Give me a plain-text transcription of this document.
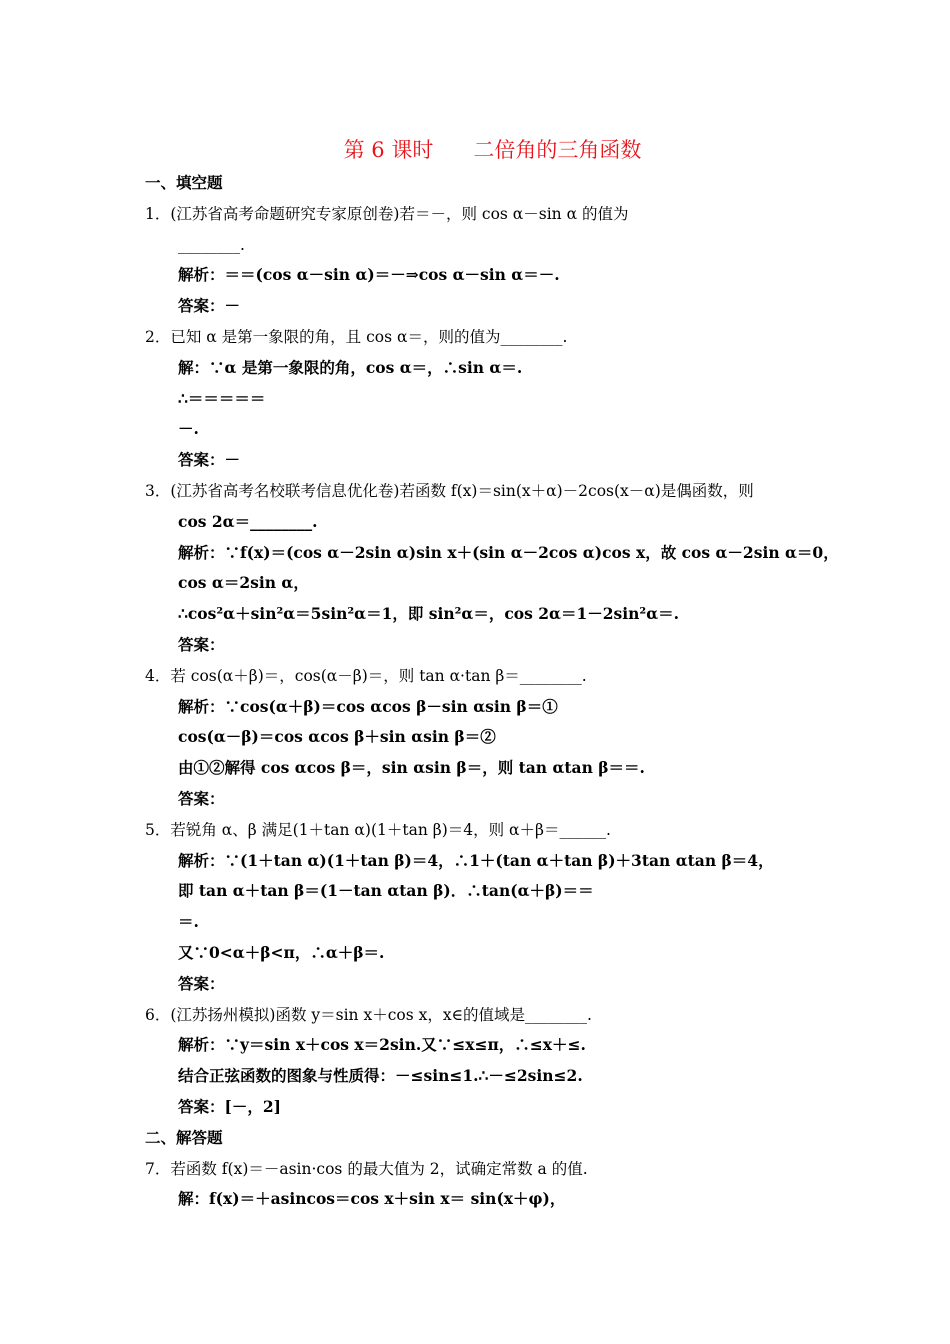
第 6 课时      二倍角的三角函数
一、填空题
1．(江苏省高考命题研究专家原创卷)若＝－，则 cos α－sin α 的值为
________.
解析：＝＝(cos α－sin α)＝－⇒cos α－sin α＝－.
答案：－
2．已知 α 是第一象限的角，且 cos α＝，则的值为________.
解：∵α 是第一象限的角，cos α＝，∴sin α＝.
∴＝＝＝＝＝
－.
答案：－
3．(江苏省高考名校联考信息优化卷)若函数 f(x)＝sin(x＋α)－2cos(x－α)是偶函数，则
cos 2α＝________.
解析：∵f(x)＝(cos α－2sin α)sin x＋(sin α－2cos α)cos x，故 cos α－2sin α＝0，
cos α＝2sin α，
∴cos²α＋sin²α＝5sin²α＝1，即 sin²α＝，cos 2α＝1－2sin²α＝.
答案：
4．若 cos(α＋β)＝，cos(α－β)＝，则 tan α·tan β＝________.
解析：∵cos(α＋β)＝cos αcos β－sin αsin β＝①
cos(α－β)＝cos αcos β＋sin αsin β＝②
由①②解得 cos αcos β＝，sin αsin β＝，则 tan αtan β＝＝.
答案：
5．若锐角 α、β 满足(1＋tan α)(1＋tan β)＝4，则 α＋β＝______.
解析：∵(1＋tan α)(1＋tan β)＝4，∴1＋(tan α＋tan β)＋3tan αtan β＝4，
即 tan α＋tan β＝(1－tan αtan β)．∴tan(α＋β)＝＝
＝.
又∵0<α＋β<π，∴α＋β＝.
答案：
6．(江苏扬州模拟)函数 y＝sin x＋cos x，x∈的值域是________.
解析：∵y＝sin x＋cos x＝2sin.又∵≤x≤π，∴≤x＋≤.
结合正弦函数的图象与性质得：－≤sin≤1.∴－≤2sin≤2.
答案：[－，2]
二、解答题
7．若函数 f(x)＝－asin·cos 的最大值为 2，试确定常数 a 的值.
解：f(x)＝＋asincos＝cos x＋sin x＝ sin(x＋φ)，
